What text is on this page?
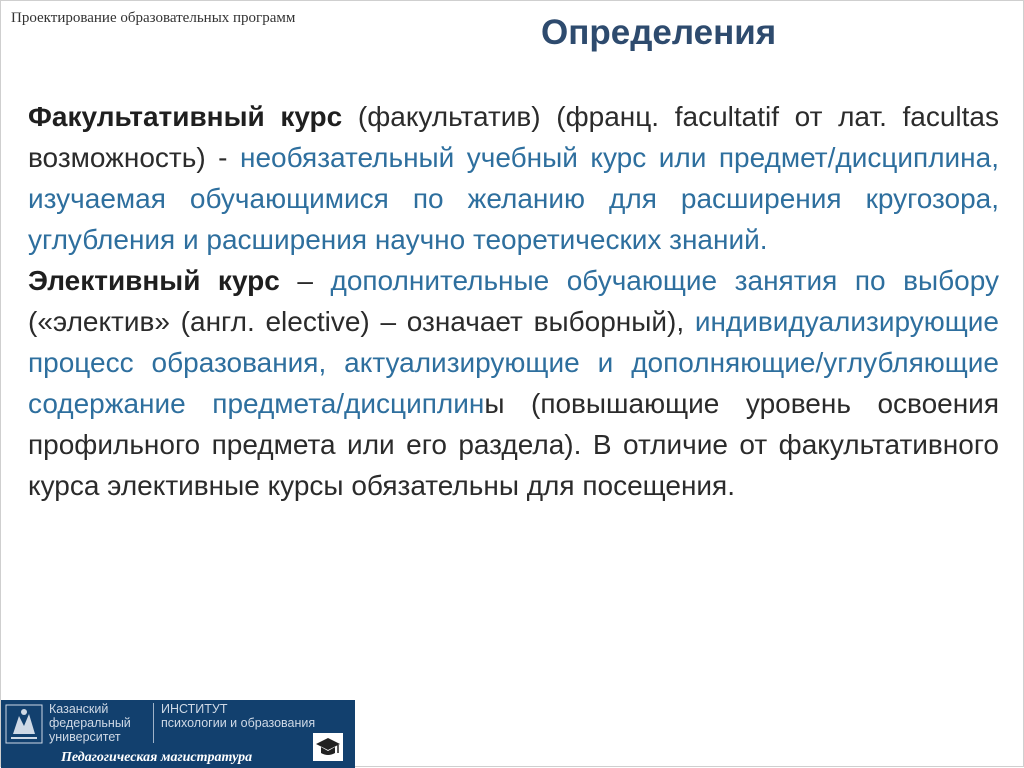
Проектирование образовательных программ	Определения

Факультативный курс (факультатив) (франц. facultatif от лат. facultas возможность) - необязательный учебный курс или предмет/дисциплина, изучаемая обучающимися по желанию для расширения кругозора, углубления и расширения научно теоретических знаний.

Элективный курс – дополнительные обучающие занятия по выбору («электив» (англ. elective) – означает выборный), индивидуализирующие процесс образования, актуализирующие и дополняющие/углубляющие содержание предмета/дисциплины (повышающие уровень освоения профильного предмета или его раздела). В отличие от факультативного курса элективные курсы обязательны для посещения.

Казанский
федеральный
университет
ИНСТИТУТ
психологии и образования
Педагогическая магистратура
